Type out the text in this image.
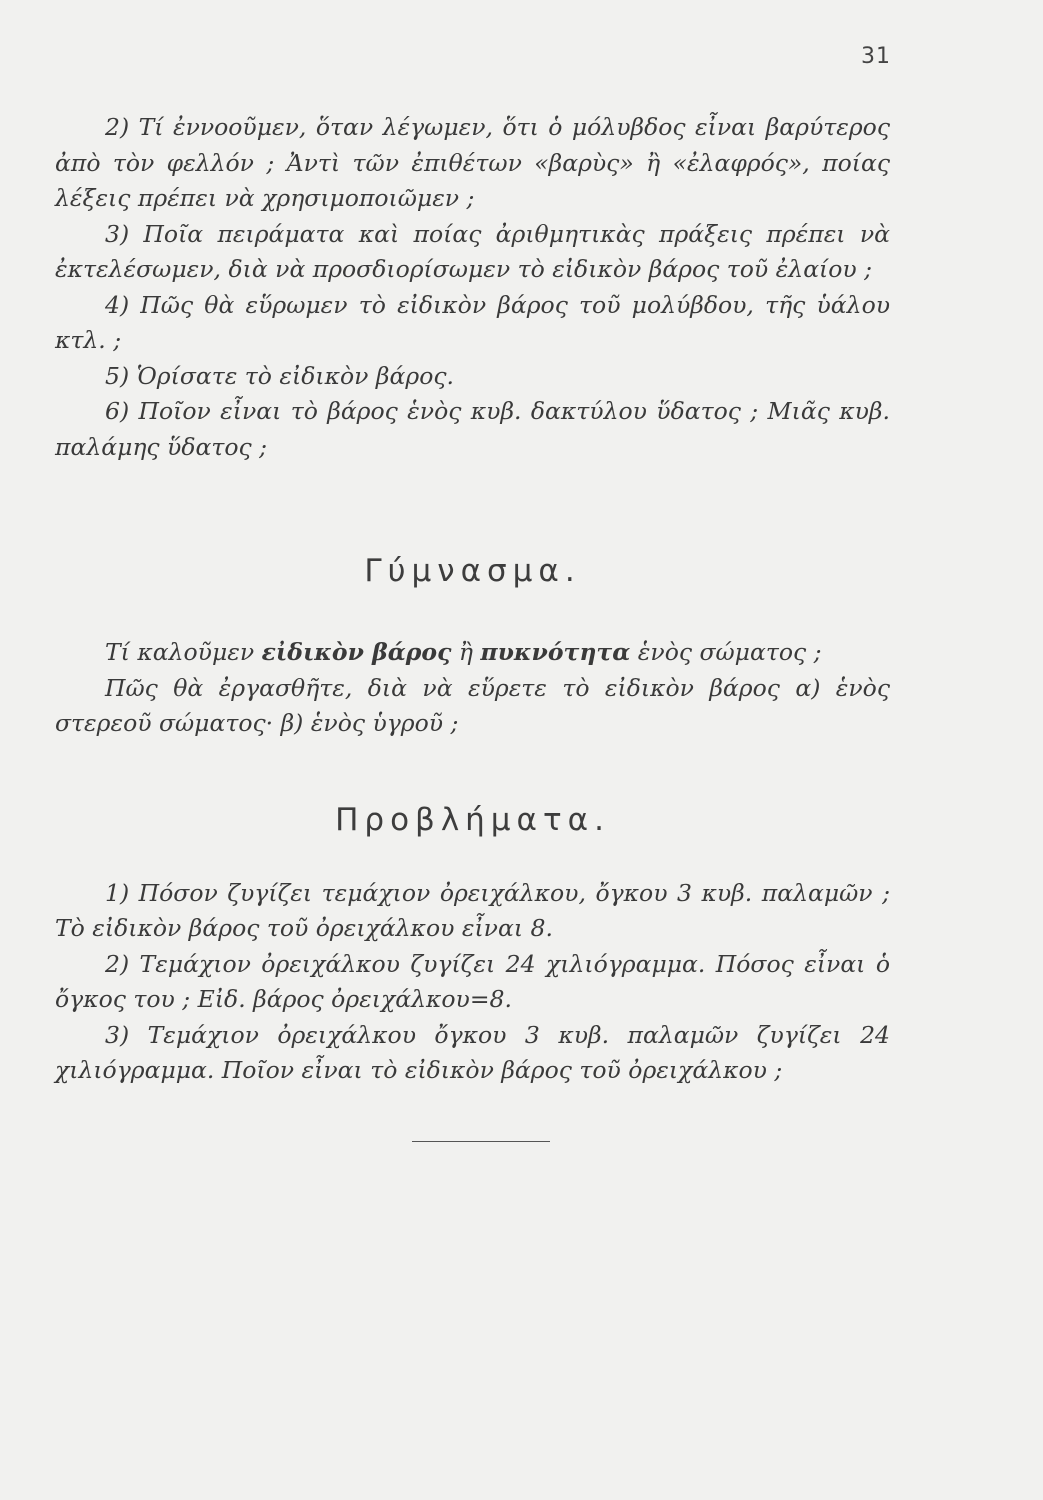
31

2) Τί ἐννοοῦμεν, ὅταν λέγωμεν, ὅτι ὁ μόλυβδος εἶναι βαρύτερος ἀπὸ τὸν φελλόν ; Ἀντὶ τῶν ἐπιθέτων «βαρὺς» ἢ «ἐλαφρός», ποίας λέξεις πρέπει νὰ χρησιμοποιῶμεν ;

3) Ποῖα πειράματα καὶ ποίας ἀριθμητικὰς πράξεις πρέπει νὰ ἐκτελέσωμεν, διὰ νὰ προσδιορίσωμεν τὸ εἰδικὸν βάρος τοῦ ἐλαίου ;

4) Πῶς θὰ εὕρωμεν τὸ εἰδικὸν βάρος τοῦ μολύβδου, τῆς ὑάλου κτλ. ;

5) Ὁρίσατε τὸ εἰδικὸν βάρος.

6) Ποῖον εἶναι τὸ βάρος ἑνὸς κυβ. δακτύλου ὕδατος ; Μιᾶς κυβ. παλάμης ὕδατος ;

Γύμνασμα.

Τί καλοῦμεν εἰδικὸν βάρος ἢ πυκνότητα ἑνὸς σώματος ;

Πῶς θὰ ἐργασθῆτε, διὰ νὰ εὕρετε τὸ εἰδικὸν βάρος α) ἑνὸς στερεοῦ σώματος· β) ἑνὸς ὑγροῦ ;

Προβλήματα.

1) Πόσον ζυγίζει τεμάχιον ὀρειχάλκου, ὄγκου 3 κυβ. παλαμῶν ; Τὸ εἰδικὸν βάρος τοῦ ὀρειχάλκου εἶναι 8.

2) Τεμάχιον ὀρειχάλκου ζυγίζει 24 χιλιόγραμμα. Πόσος εἶναι ὁ ὄγκος του ; Εἰδ. βάρος ὀρειχάλκου=8.

3) Τεμάχιον ὀρειχάλκου ὄγκου 3 κυβ. παλαμῶν ζυγίζει 24 χιλιόγραμμα. Ποῖον εἶναι τὸ εἰδικὸν βάρος τοῦ ὀρειχάλκου ;
